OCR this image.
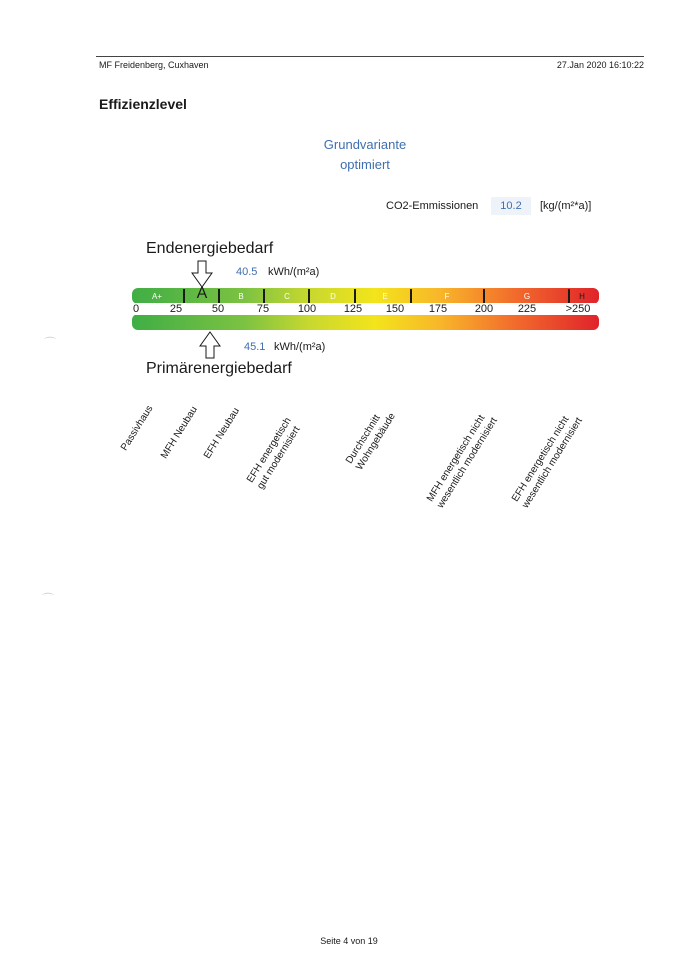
MF Freidenberg, Cuxhaven	27.Jan 2020 16:10:22
Effizienzlevel
Grundvariante
optimiert
CO2-Emmissionen	10.2	[kg/(m²*a)]
Endenergiebedarf
40.5 kWh/(m²a)
A+	A	B	C	D	E	F	G	H
0	25	50	75	100	125	150	175	200	225	>250
45.1 kWh/(m²a)
Primärenergiebedarf
Passivhaus MFH Neubau EFH Neubau EFH energetisch gut modernisiert	Durchschnitt Wohngebäude	MFH energetisch nicht wesentlich modernisiert	EFH energetisch nicht wesentlich modernisiert
⌒
⌒
Seite 4 von 19
